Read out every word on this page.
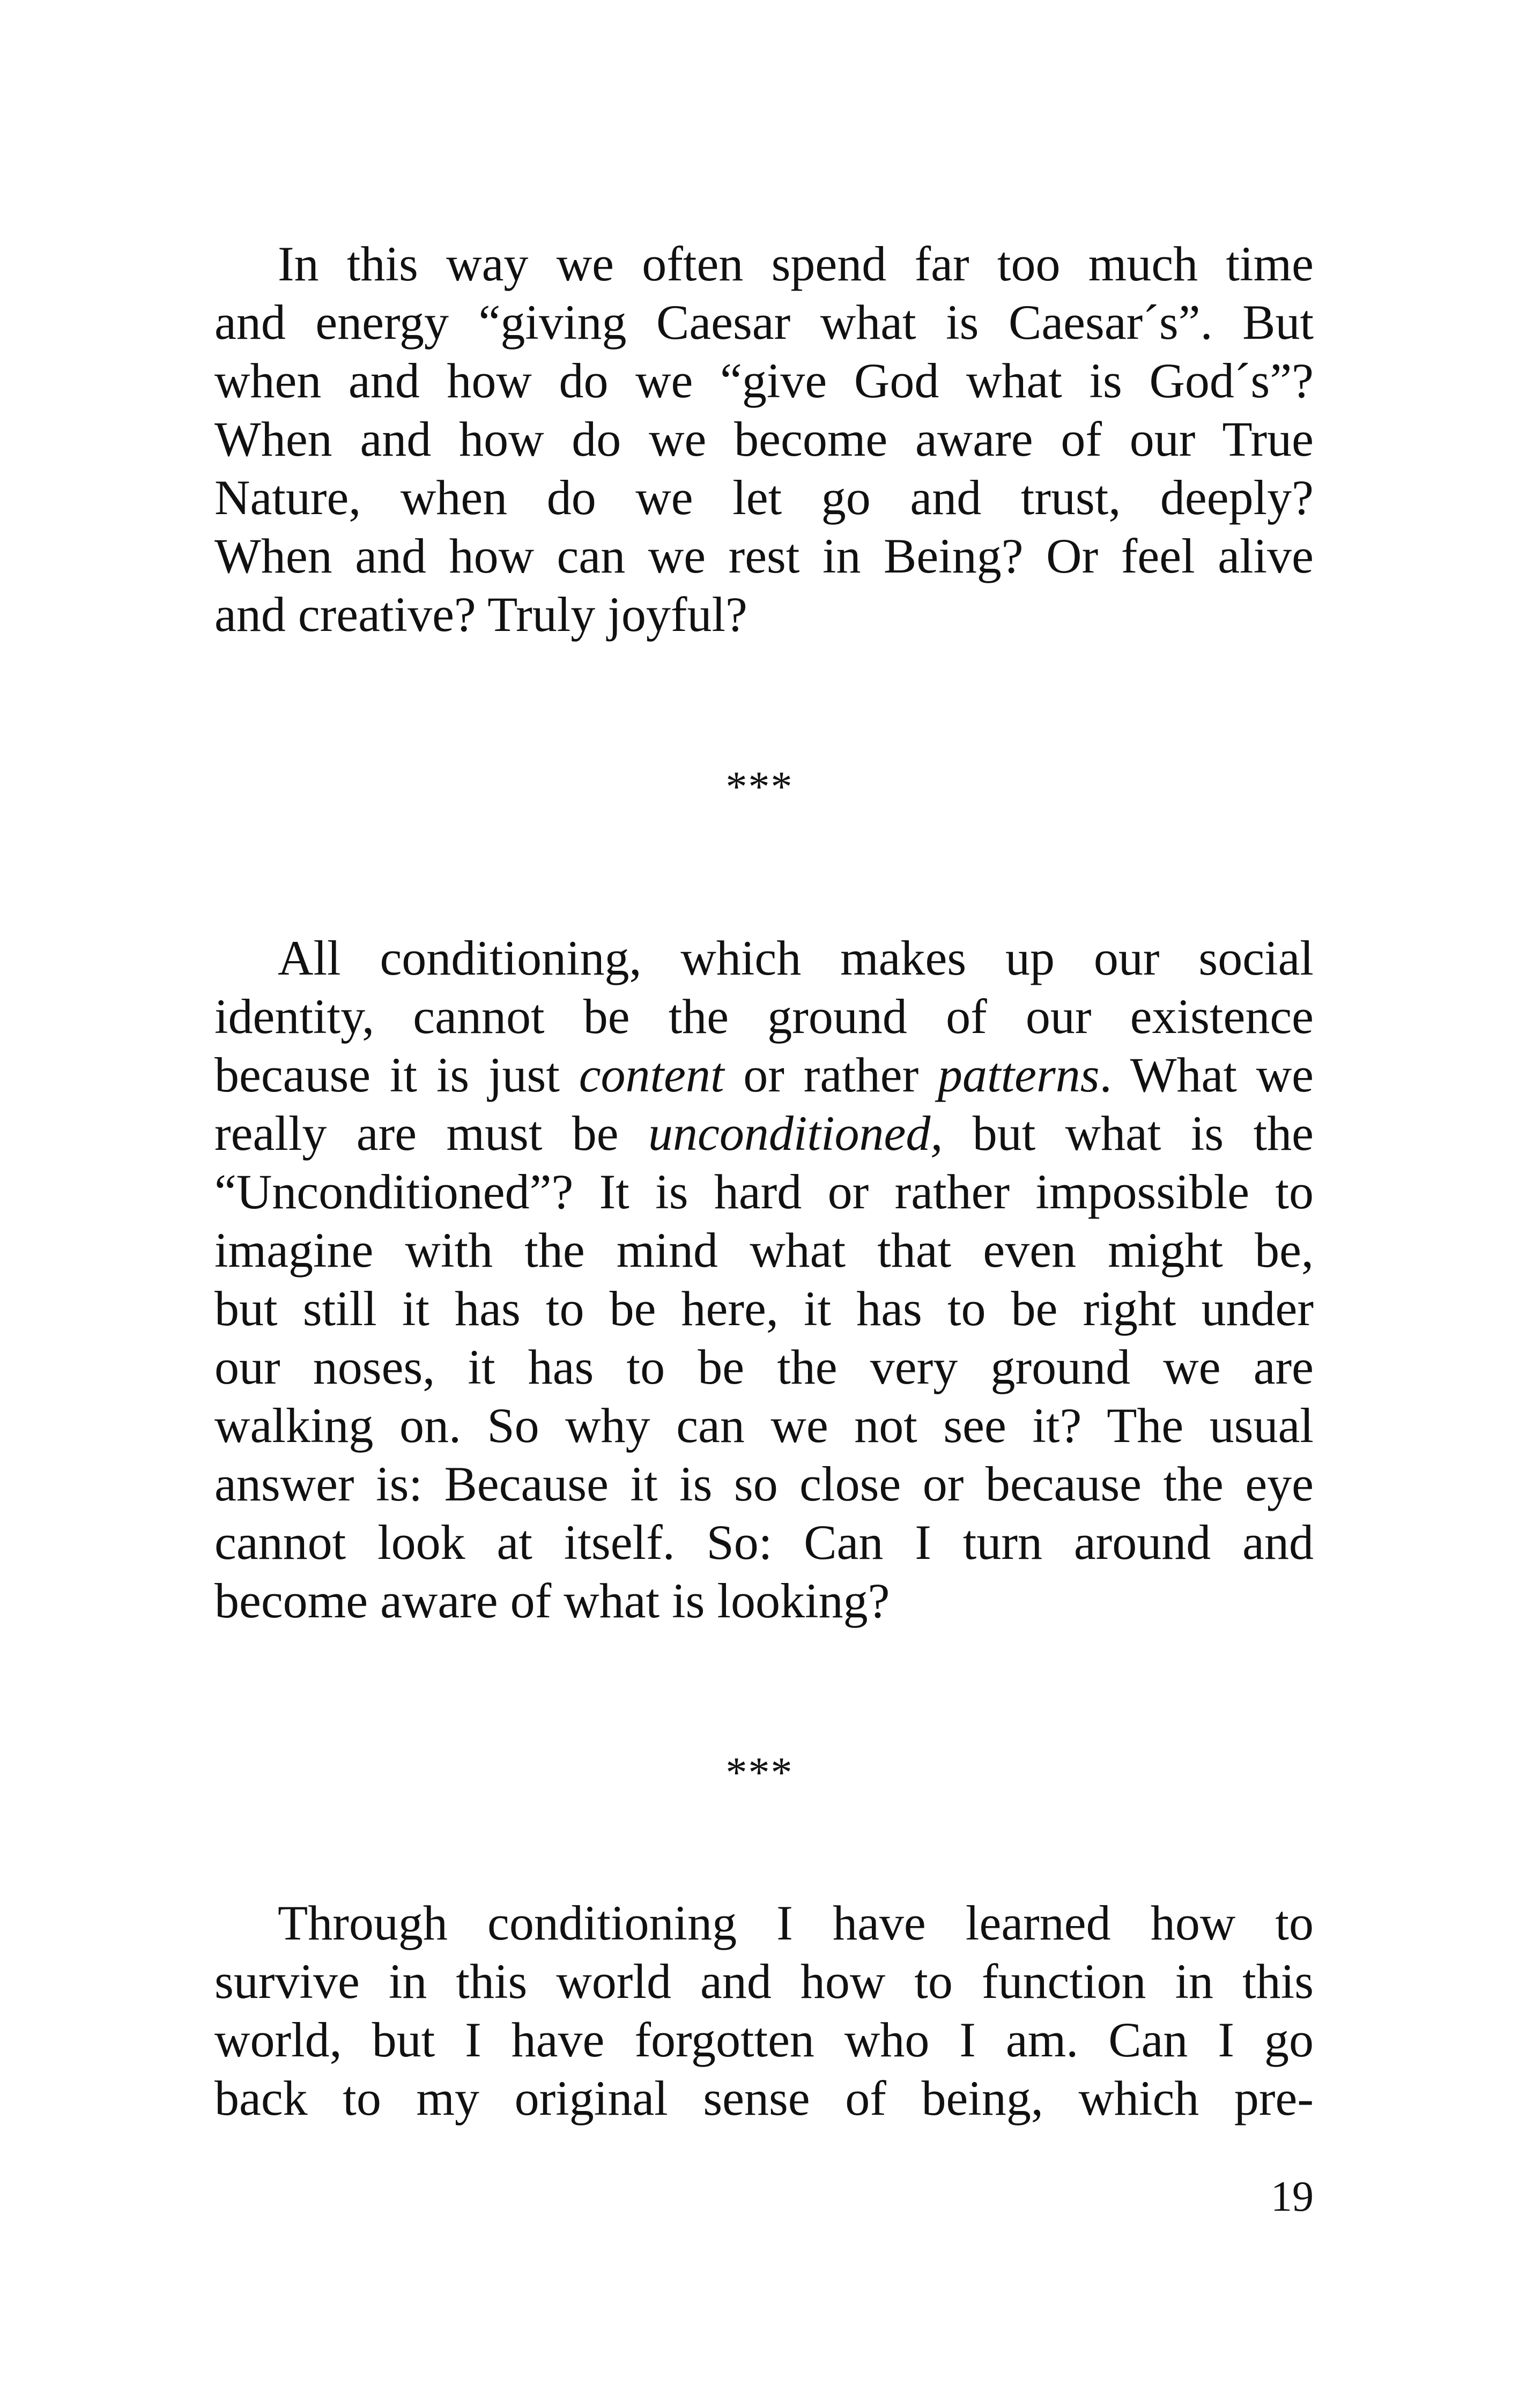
In this way we often spend far too much time
and energy “giving Caesar what is Caesar´s”. But
when and how do we “give God what is God´s”?
When and how do we become aware of our True
Nature, when do we let go and trust, deeply?
When and how can we rest in Being? Or feel alive
and creative? Truly joyful?
***
All conditioning, which makes up our social
identity, cannot be the ground of our existence
because it is just content or rather patterns. What we
really are must be unconditioned, but what is the
“Unconditioned”? It is hard or rather impossible to
imagine with the mind what that even might be,
but still it has to be here, it has to be right under
our noses, it has to be the very ground we are
walking on. So why can we not see it? The usual
answer is: Because it is so close or because the eye
cannot look at itself. So: Can I turn around and
become aware of what is looking?
***
Through conditioning I have learned how to
survive in this world and how to function in this
world, but I have forgotten who I am. Can I go
back to my original sense of being, which pre-
19
